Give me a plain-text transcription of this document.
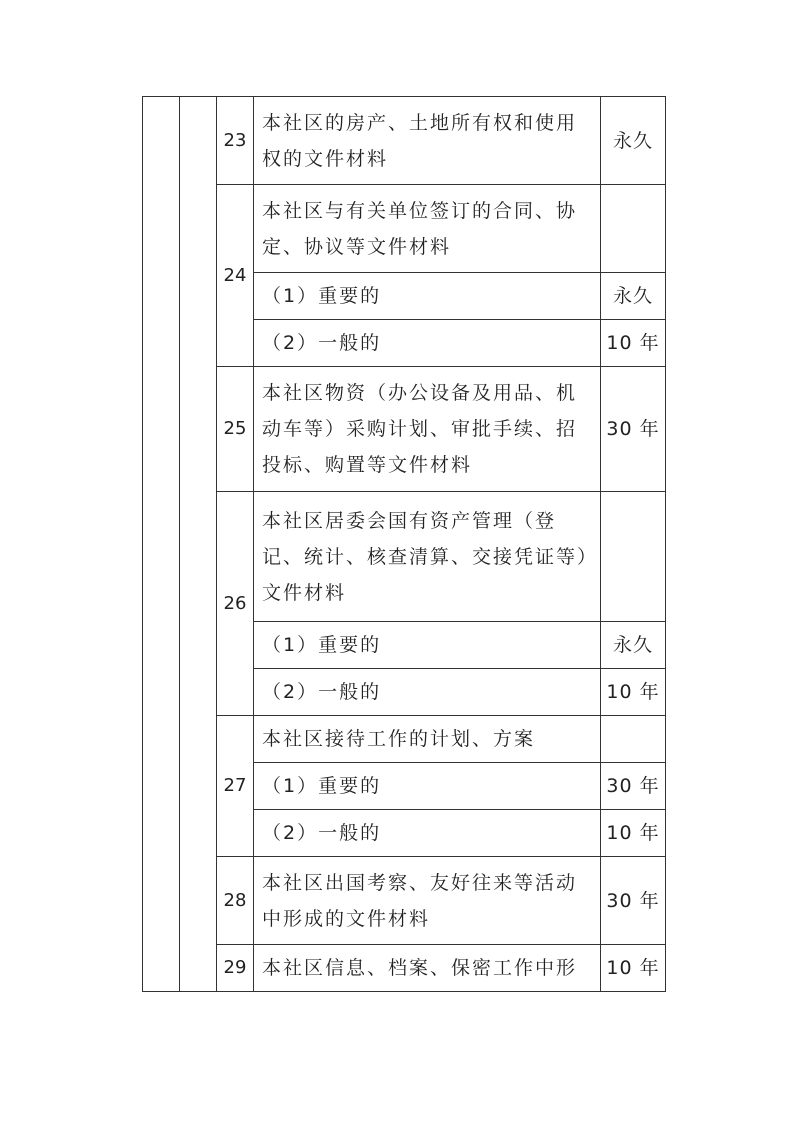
		23	本社区的房产、土地所有权和使用
权的文件材料	永久
		24	本社区与有关单位签订的合同、协
定、协议等文件材料	

			（1）重要的	永久

			（2）一般的	10 年
		25	本社区物资（办公设备及用品、机
动车等）采购计划、审批手续、招
投标、购置等文件材料	30 年
		26	本社区居委会国有资产管理（登
记、统计、核查清算、交接凭证等）
文件材料	

			（1）重要的	永久

			（2）一般的	10 年
		27	本社区接待工作的计划、方案	

			（1）重要的	30 年

			（2）一般的	10 年
		28	本社区出国考察、友好往来等活动
中形成的文件材料	30 年
		29	本社区信息、档案、保密工作中形	10 年
